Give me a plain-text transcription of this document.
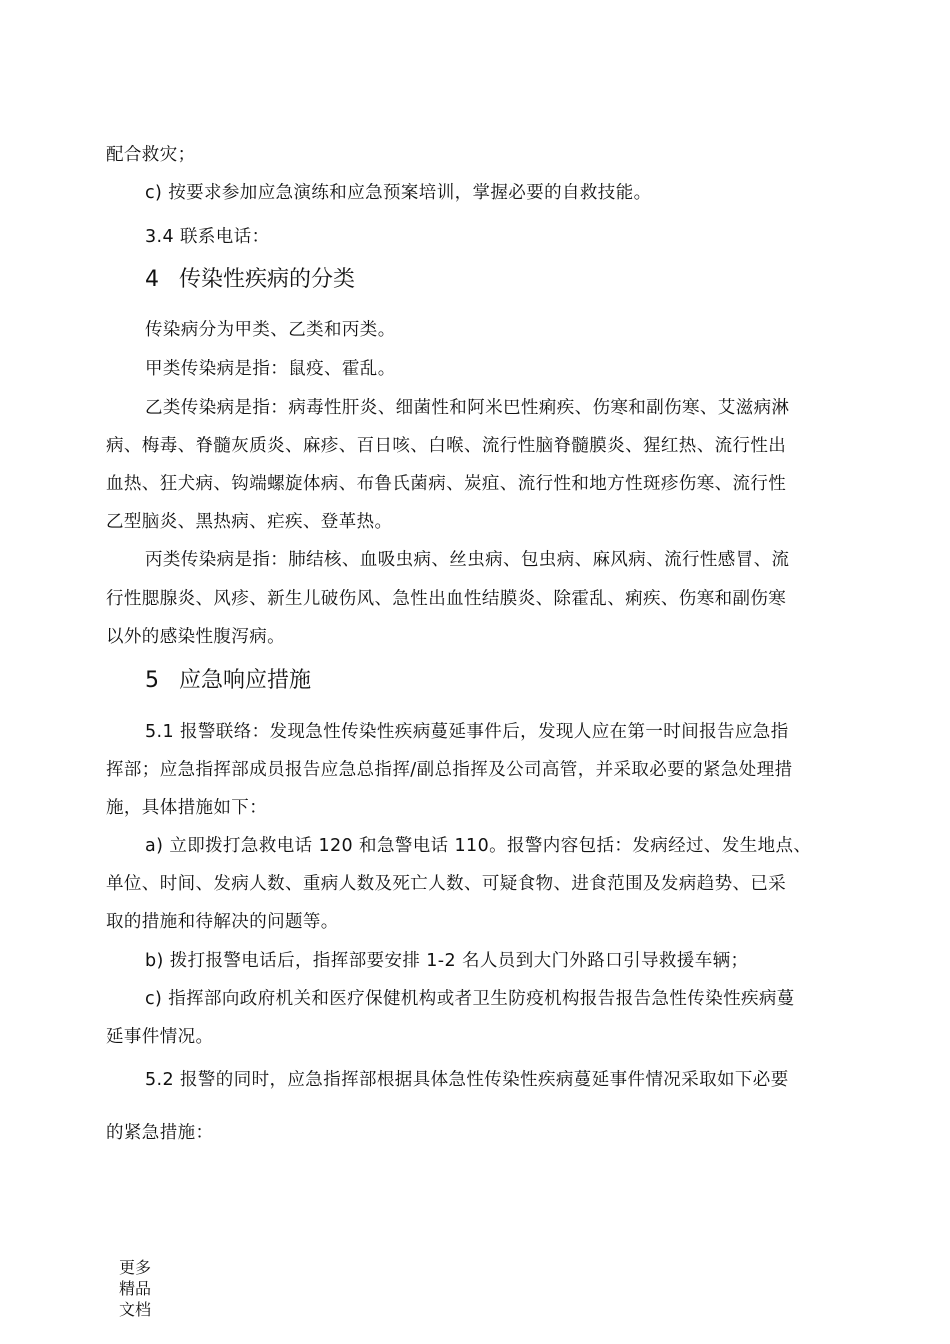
配合救灾；

c) 按要求参加应急演练和应急预案培训，掌握必要的自救技能。

3.4 联系电话：

4 传染性疾病的分类

传染病分为甲类、乙类和丙类。

甲类传染病是指：鼠疫、霍乱。

乙类传染病是指：病毒性肝炎、细菌性和阿米巴性痢疾、伤寒和副伤寒、艾滋病淋

病、梅毒、脊髓灰质炎、麻疹、百日咳、白喉、流行性脑脊髓膜炎、猩红热、流行性出

血热、狂犬病、钩端螺旋体病、布鲁氏菌病、炭疽、流行性和地方性斑疹伤寒、流行性

乙型脑炎、黑热病、疟疾、登革热。

丙类传染病是指：肺结核、血吸虫病、丝虫病、包虫病、麻风病、流行性感冒、流

行性腮腺炎、风疹、新生儿破伤风、急性出血性结膜炎、除霍乱、痢疾、伤寒和副伤寒

以外的感染性腹泻病。

5 应急响应措施

5.1 报警联络：发现急性传染性疾病蔓延事件后，发现人应在第一时间报告应急指

挥部；应急指挥部成员报告应急总指挥/副总指挥及公司高管，并采取必要的紧急处理措

施，具体措施如下：

a) 立即拨打急救电话 120 和急警电话 110。报警内容包括：发病经过、发生地点、

单位、时间、发病人数、重病人数及死亡人数、可疑食物、进食范围及发病趋势、已采

取的措施和待解决的问题等。

b) 拨打报警电话后，指挥部要安排 1-2 名人员到大门外路口引导救援车辆；

c) 指挥部向政府机关和医疗保健机构或者卫生防疫机构报告报告急性传染性疾病蔓

延事件情况。

5.2 报警的同时，应急指挥部根据具体急性传染性疾病蔓延事件情况采取如下必要

的紧急措施：

更多精品文档
